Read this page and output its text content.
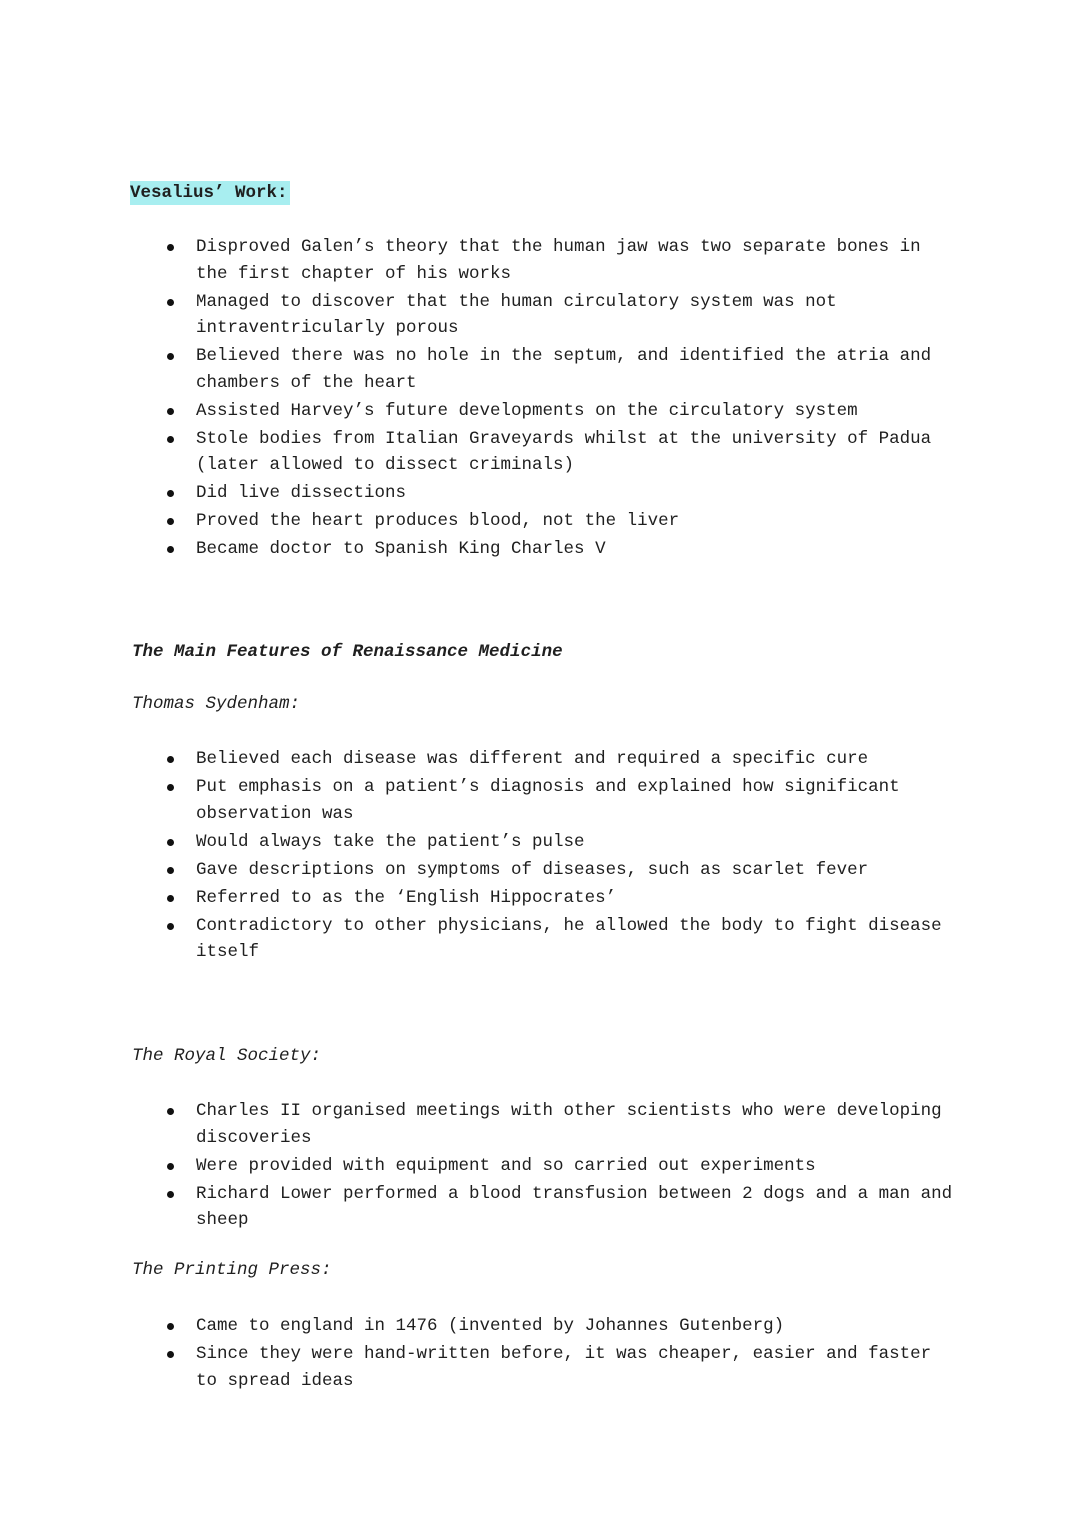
Vesalius’ Work:
Disproved Galen’s theory that the human jaw was two separate bones in the first chapter of his works
Managed to discover that the human circulatory system was not intraventricularly porous
Believed there was no hole in the septum, and identified the atria and chambers of the heart
Assisted Harvey’s future developments on the circulatory system
Stole bodies from Italian Graveyards whilst at the university of Padua (later allowed to dissect criminals)
Did live dissections
Proved the heart produces blood, not the liver
Became doctor to Spanish King Charles V
The Main Features of Renaissance Medicine
Thomas Sydenham:
Believed each disease was different and required a specific cure
Put emphasis on a patient’s diagnosis and explained how significant observation was
Would always take the patient’s pulse
Gave descriptions on symptoms of diseases, such as scarlet fever
Referred to as the ‘English Hippocrates’
Contradictory to other physicians, he allowed the body to fight disease itself
The Royal Society:
Charles II organised meetings with other scientists who were developing discoveries
Were provided with equipment and so carried out experiments
Richard Lower performed a blood transfusion between 2 dogs and a man and sheep
The Printing Press:
Came to england in 1476 (invented by Johannes Gutenberg)
Since they were hand-written before, it was cheaper, easier and faster to spread ideas
